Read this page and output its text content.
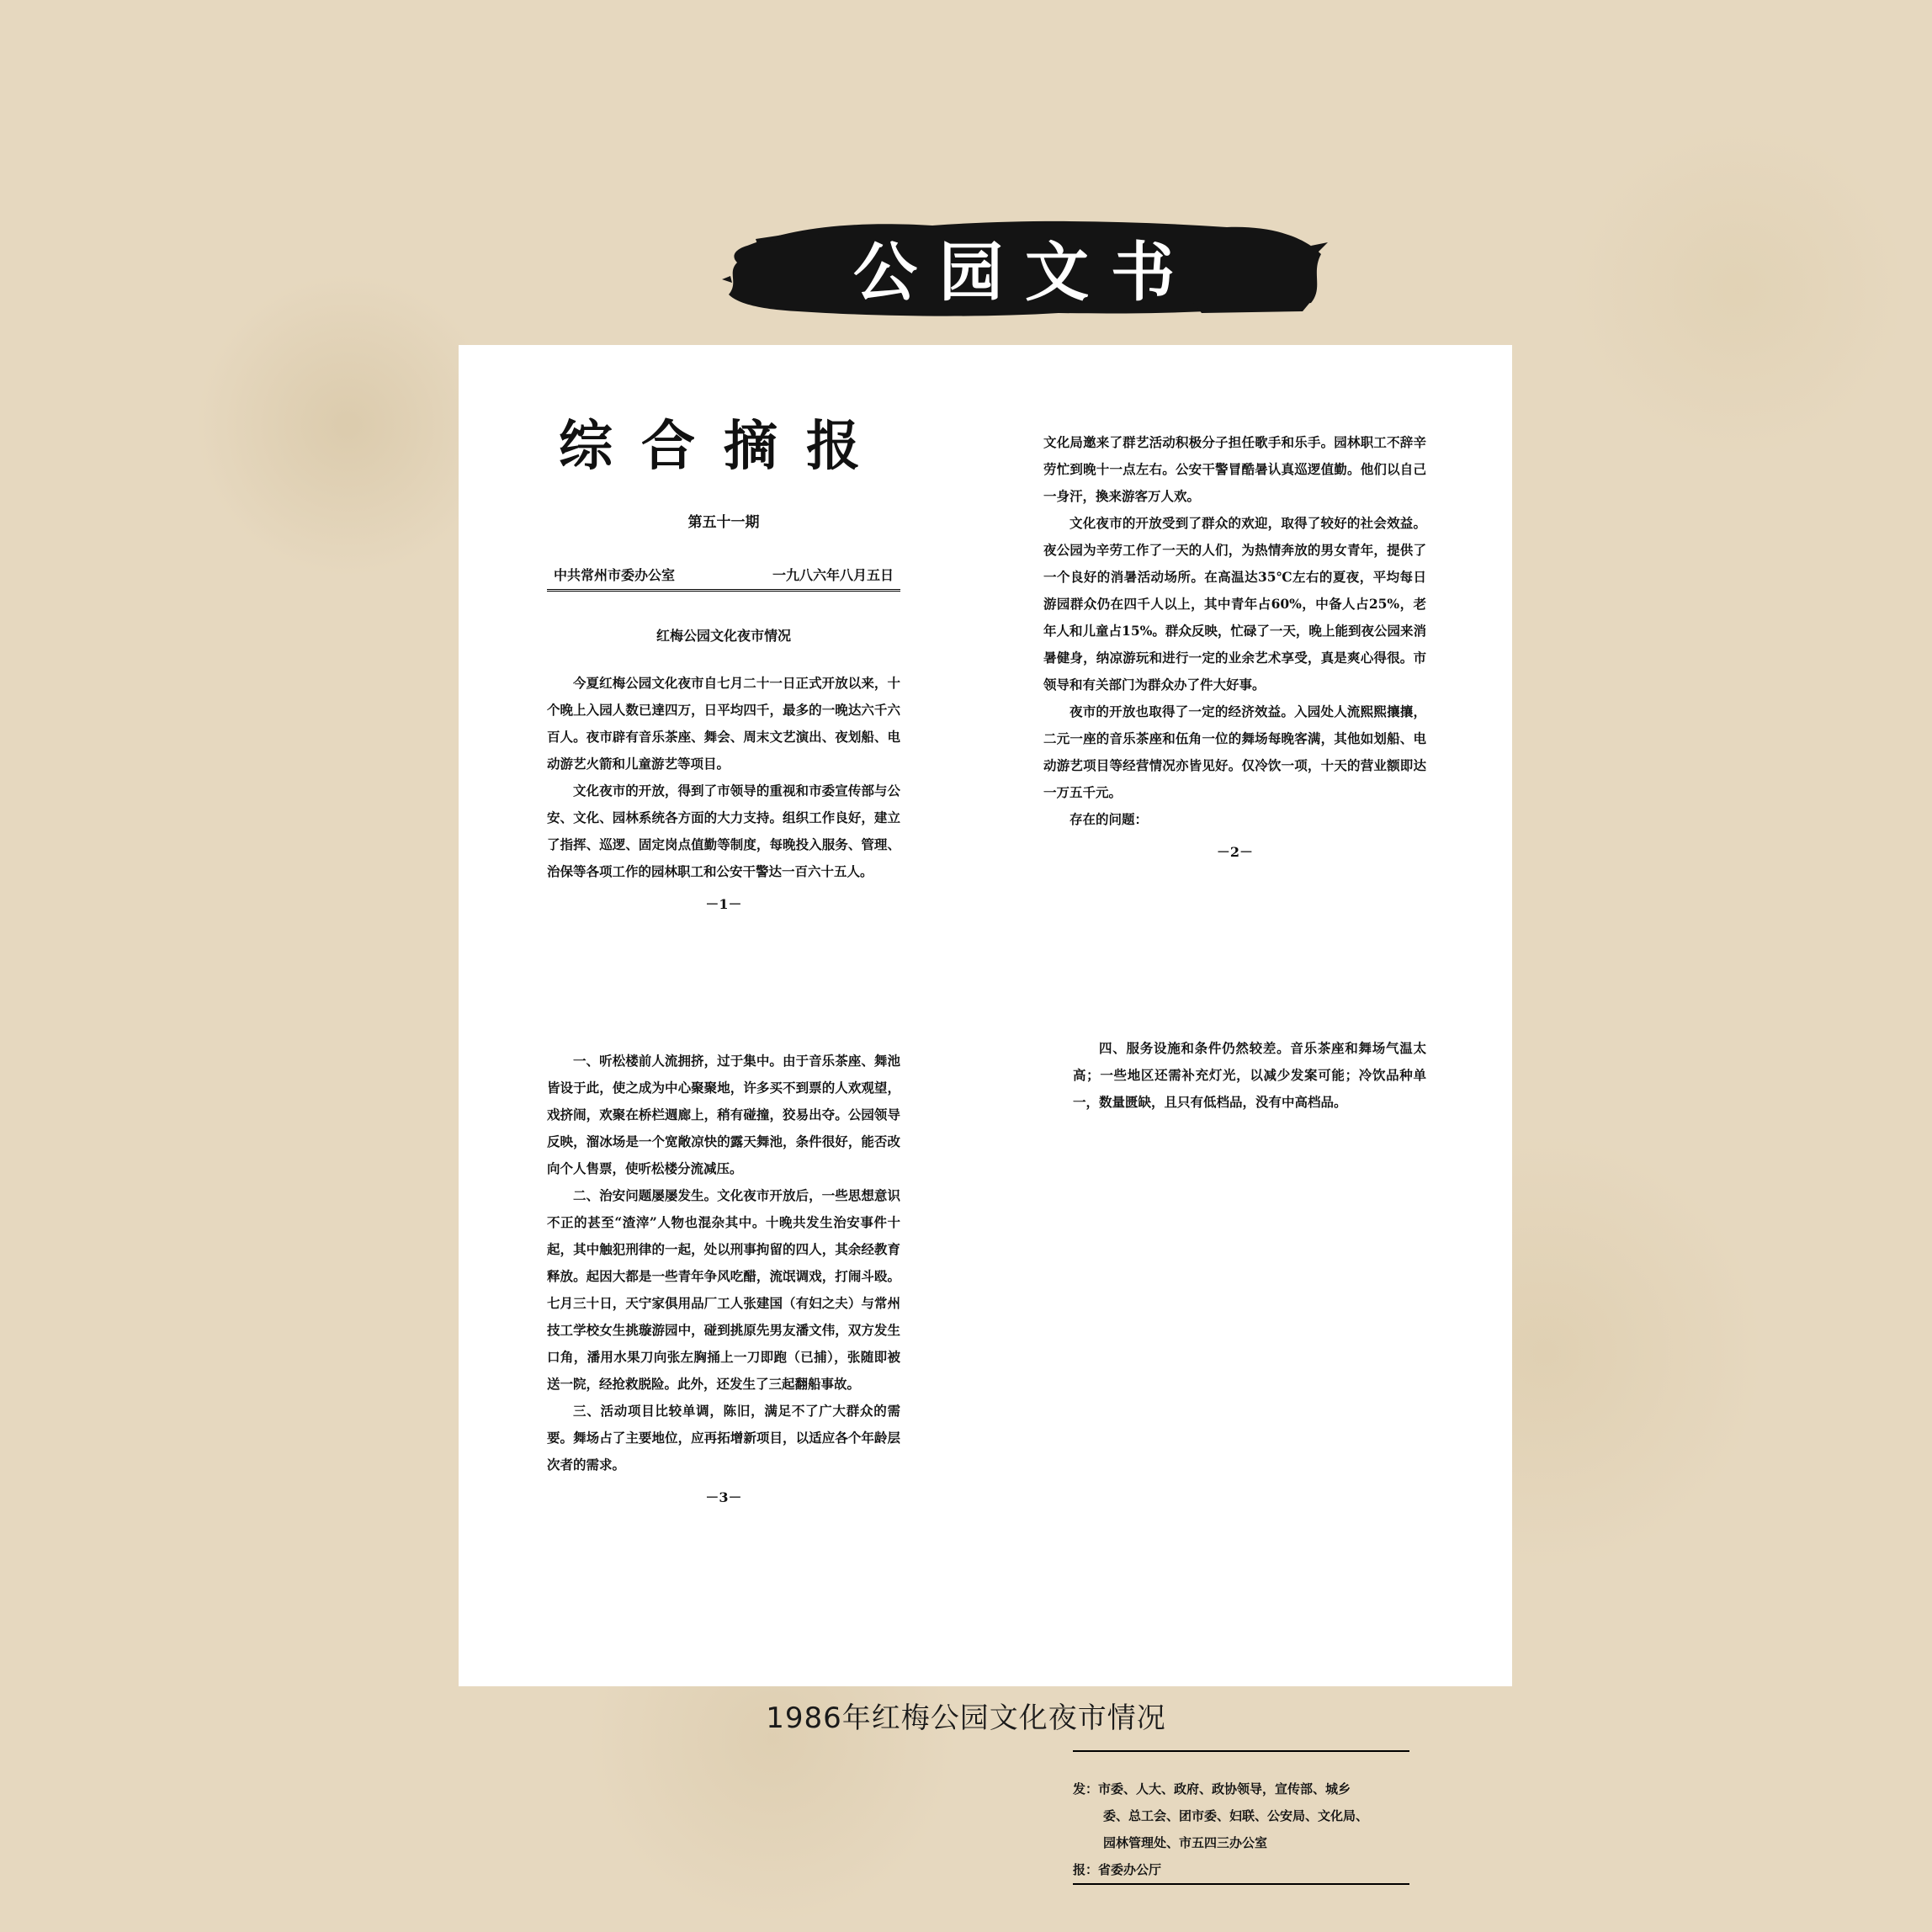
公园文书
综合摘报
第五十一期
中共常州市委办公室	一九八六年八月五日
红梅公园文化夜市情况

今夏红梅公园文化夜市自七月二十一日正式开放以来，十个晚上入园人数已達四万，日平均四千，最多的一晚达六千六百人。夜市辟有音乐茶座、舞会、周末文艺演出、夜划船、电动游艺火箭和儿童游艺等项目。

文化夜市的开放，得到了市领导的重视和市委宣传部与公安、文化、园林系统各方面的大力支持。组织工作良好，建立了指挥、巡逻、固定岗点值勤等制度，每晚投入服务、管理、治保等各项工作的园林职工和公安干警达一百六十五人。

－1－

文化局邀来了群艺活动积极分子担任歌手和乐手。园林职工不辞辛劳忙到晚十一点左右。公安干警冒酷暑认真巡逻值勤。他们以自己一身汗，換来游客万人欢。

文化夜市的开放受到了群众的欢迎，取得了较好的社会效益。夜公园为辛劳工作了一天的人们，为热情奔放的男女青年，提供了一个良好的消暑活动场所。在高温达35℃左右的夏夜，平均每日游园群众仍在四千人以上，其中青年占60%，中备人占25%，老年人和儿童占15%。群众反映，忙碌了一天，晚上能到夜公园来消暑健身，纳凉游玩和进行一定的业余艺术享受，真是爽心得很。市领导和有关部门为群众办了件大好事。

夜市的开放也取得了一定的经济效益。入园处人流熙熙攘攘，二元一座的音乐茶座和伍角一位的舞场每晚客满，其他如划船、电动游艺项目等经营情况亦皆见好。仅冷饮一项，十天的营业额即达一万五千元。

存在的问题：

－2－

一、听松楼前人流拥挤，过于集中。由于音乐茶座、舞池皆设于此，使之成为中心聚聚地，许多买不到票的人欢观望，戏挤闹，欢聚在桥栏週廊上，稍有碰撞，狡易出夺。公园领导反映，溜冰场是一个宽敞凉快的露天舞池，条件很好，能否改向个人售票，使听松楼分流减压。

二、治安问题屡屡发生。文化夜市开放后，一些思想意识不正的甚至“渣滓”人物也混杂其中。十晚共发生治安事件十起，其中触犯刑律的一起，处以刑事拘留的四人，其余经教育释放。起因大都是一些青年争风吃醋，流氓调戏，打闹斗殴。七月三十日，天宁家俱用品厂工人张建国（有妇之夫）与常州技工学校女生挑璇游园中，碰到挑原先男友潘文伟，双方发生口角，潘用水果刀向张左胸捅上一刀即跑（已捕），张随即被送一院，经抢救脱险。此外，还发生了三起翻船事故。

三、活动项目比较单调，陈旧，满足不了广大群众的需要。舞场占了主要地位，应再拓增新项目，以适应各个年龄层次者的需求。

－3－

四、服务设施和条件仍然较差。音乐茶座和舞场气温太高；一些地区还需补充灯光，以减少发案可能；冷饮品种单一，数量匮缺，且只有低档品，没有中高档品。

发：市委、人大、政府、政协领导，宣传部、城乡

委、总工会、团市委、妇联、公安局、文化局、

园林管理处、市五四三办公室

报：省委办公厅

1986年红梅公园文化夜市情况
